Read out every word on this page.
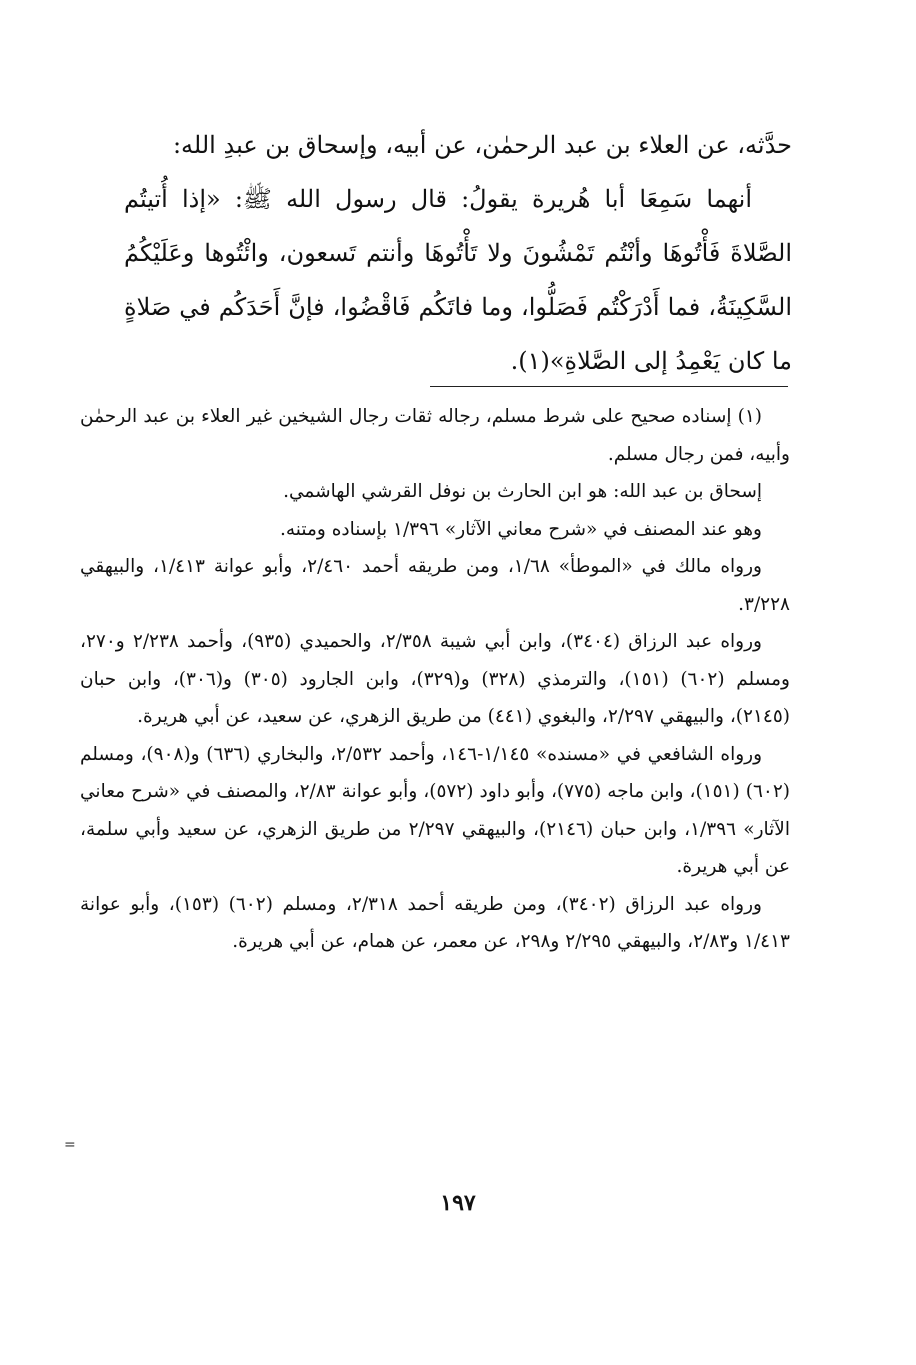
حدَّثه، عن العلاء بن عبد الرحمٰن، عن أبيه، وإسحاق بن عبدِ الله:

أنهما سَمِعَا أبا هُريرة يقولُ: قال رسول الله ﷺ: «إذا أُتيتُم الصَّلاةَ فَأْتُوهَا وأنْتُم تَمْشُونَ ولا تَأْتُوهَا وأنتم تَسعون، وائْتُوها وعَلَيْكُمُ السَّكِينَةُ، فما أَدْرَكْتُم فَصَلُّوا، وما فاتَكُم فَاقْضُوا، فإنَّ أَحَدَكُم في صَلاةٍ ما كان يَعْمِدُ إلى الصَّلاةِ»(١).

(١) إسناده صحيح على شرط مسلم، رجاله ثقات رجال الشيخين غير العلاء بن عبد الرحمٰن وأبيه، فمن رجال مسلم.

إسحاق بن عبد الله: هو ابن الحارث بن نوفل القرشي الهاشمي.

وهو عند المصنف في «شرح معاني الآثار» ١/٣٩٦ بإسناده ومتنه.

ورواه مالك في «الموطأ» ١/٦٨، ومن طريقه أحمد ٢/٤٦٠، وأبو عوانة ١/٤١٣، والبيهقي ٣/٢٢٨.

ورواه عبد الرزاق (٣٤٠٤)، وابن أبي شيبة ٢/٣٥٨، والحميدي (٩٣٥)، وأحمد ٢/٢٣٨ و٢٧٠، ومسلم (٦٠٢) (١٥١)، والترمذي (٣٢٨) و(٣٢٩)، وابن الجارود (٣٠٥) و(٣٠٦)، وابن حبان (٢١٤٥)، والبيهقي ٢/٢٩٧، والبغوي (٤٤١) من طريق الزهري، عن سعيد، عن أبي هريرة.

ورواه الشافعي في «مسنده» ١/١٤٥-١٤٦، وأحمد ٢/٥٣٢، والبخاري (٦٣٦) و(٩٠٨)، ومسلم (٦٠٢) (١٥١)، وابن ماجه (٧٧٥)، وأبو داود (٥٧٢)، وأبو عوانة ٢/٨٣، والمصنف في «شرح معاني الآثار» ١/٣٩٦، وابن حبان (٢١٤٦)، والبيهقي ٢/٢٩٧ من طريق الزهري، عن سعيد وأبي سلمة، عن أبي هريرة.

ورواه عبد الرزاق (٣٤٠٢)، ومن طريقه أحمد ٢/٣١٨، ومسلم (٦٠٢) (١٥٣)، وأبو عوانة ١/٤١٣ و٢/٨٣، والبيهقي ٢/٢٩٥ و٢٩٨، عن معمر، عن همام، عن أبي هريرة.

=
١٩٧
